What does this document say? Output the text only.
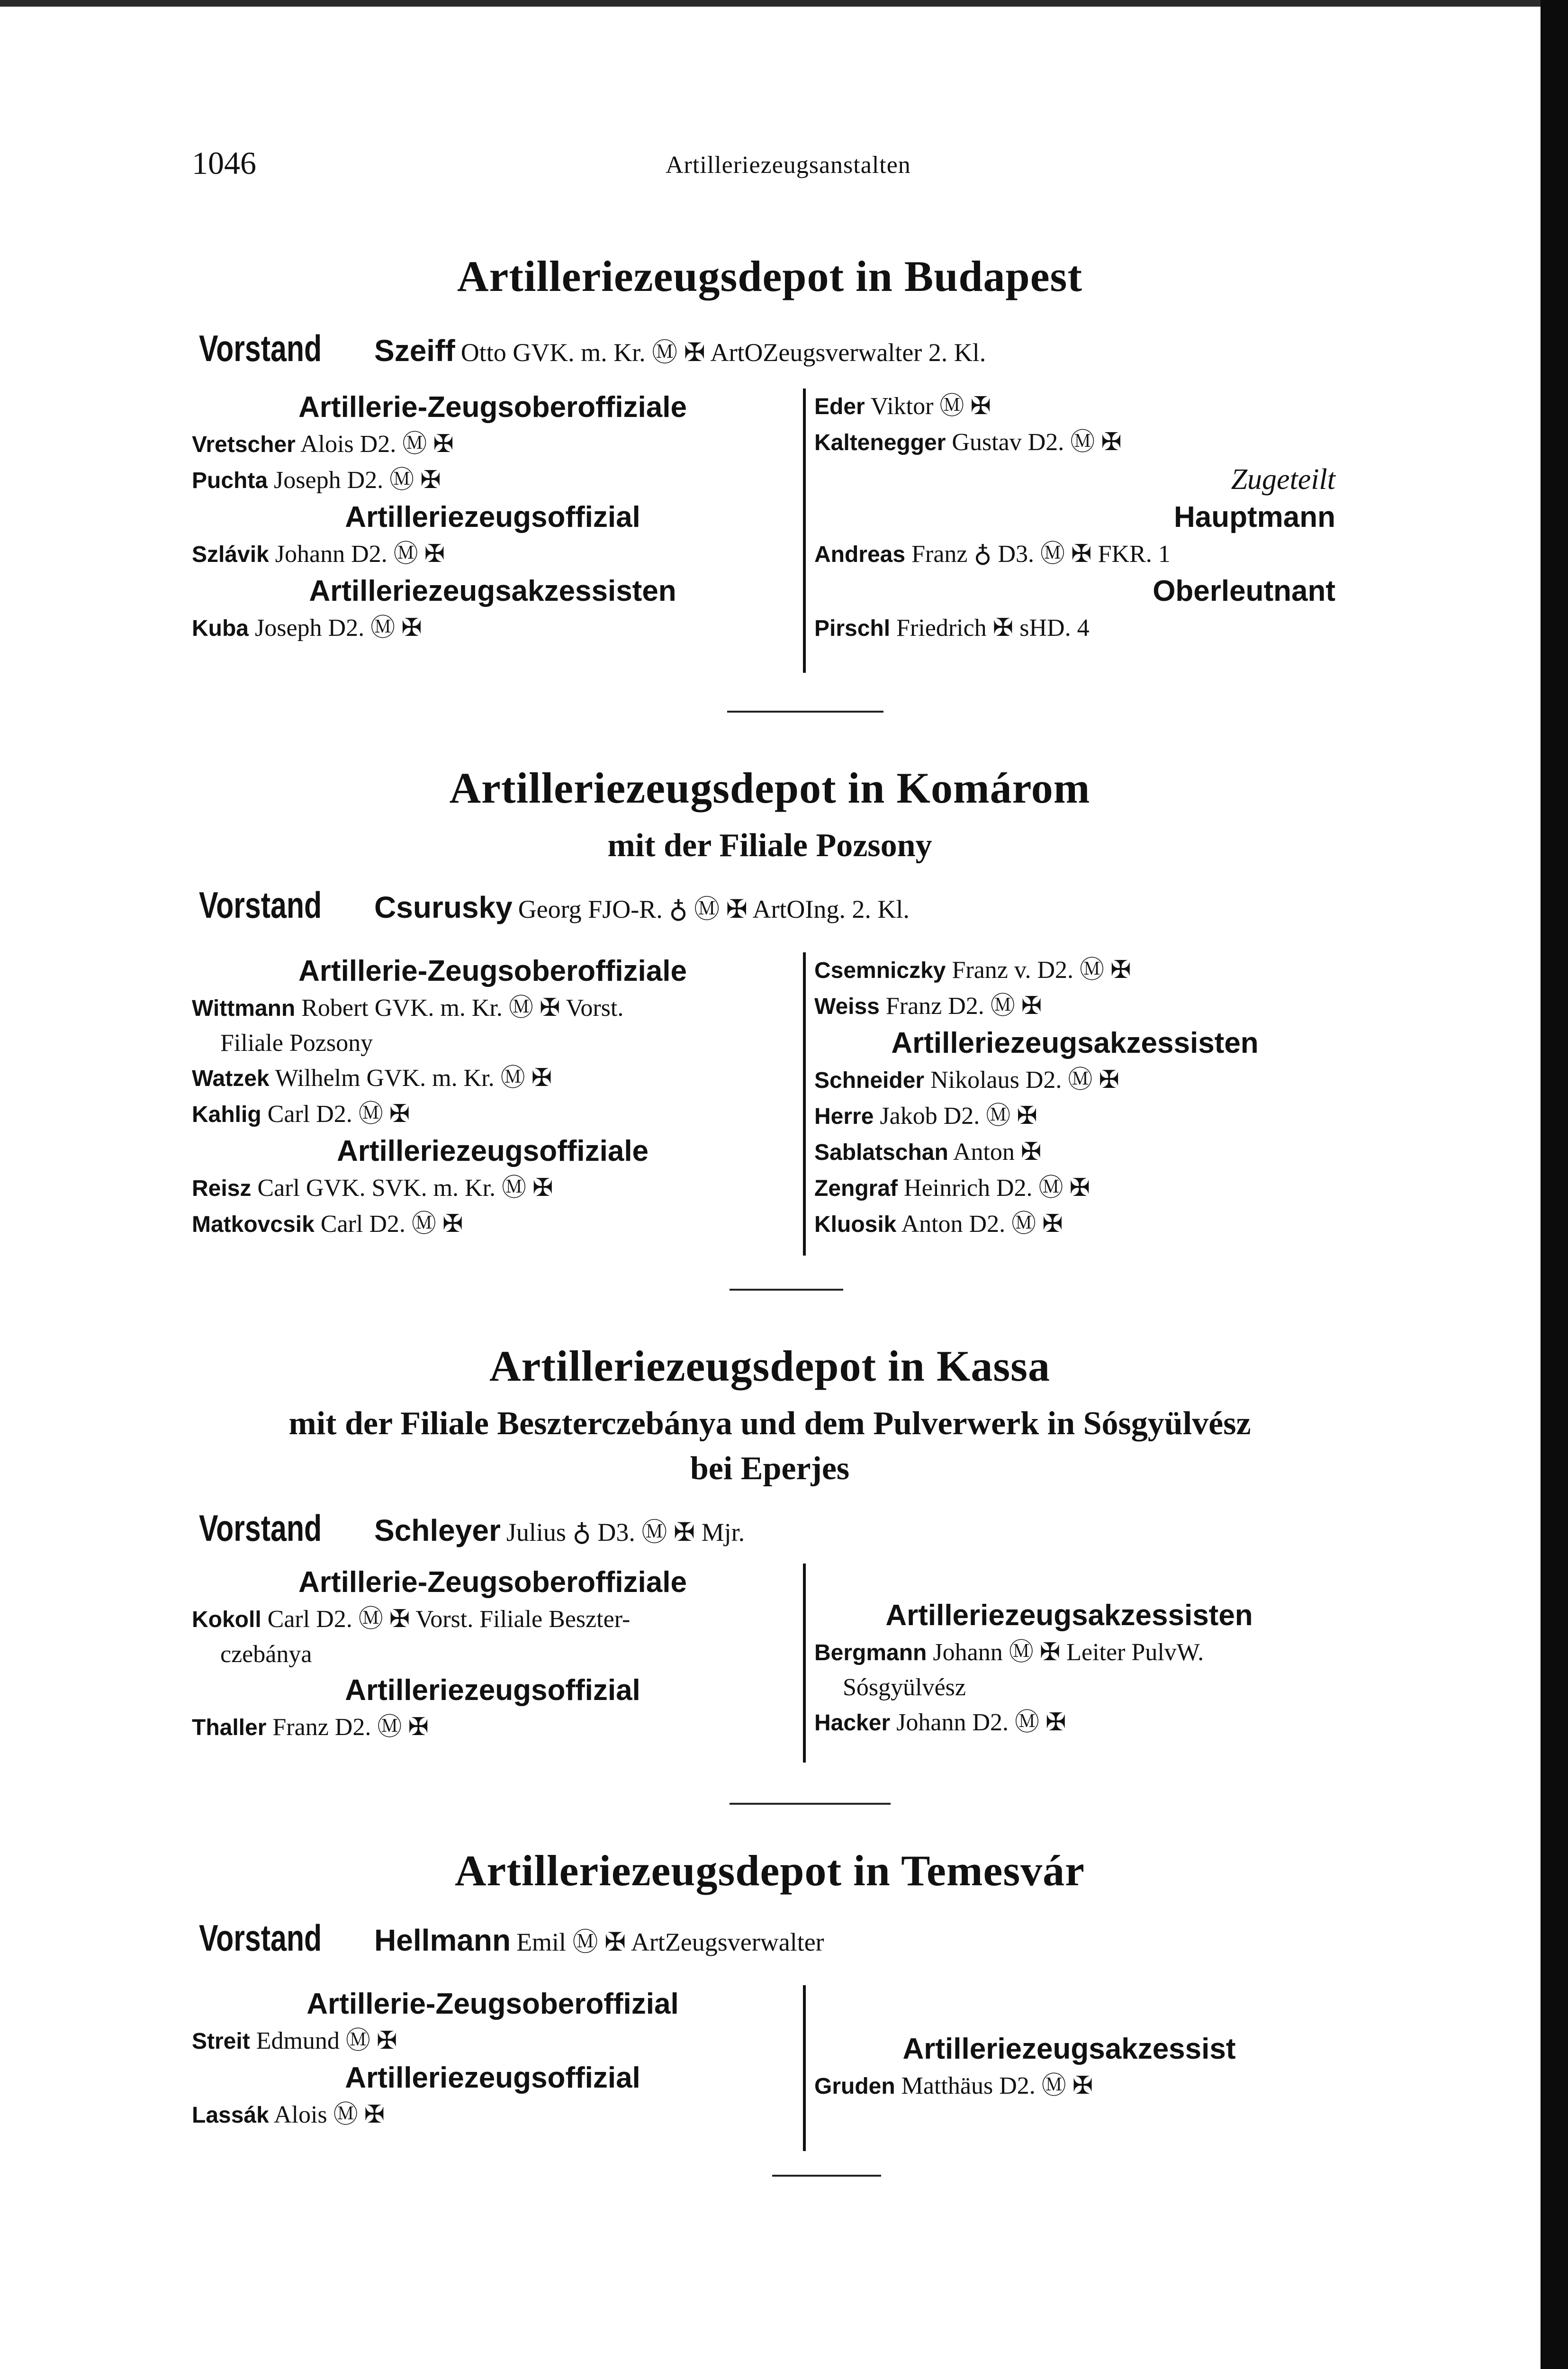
1046	Artilleriezeugsanstalten
Artilleriezeugsdepot in Budapest
Vorstand Szeiff Otto GVK. m. Kr. Ⓜ ✠ ArtOZeugsverwalter 2. Kl.
Artillerie-Zeugsoberoffiziale
Vretscher Alois D2. Ⓜ ✠
Puchta Joseph D2. Ⓜ ✠
Artilleriezeugsoffizial
Szlávik Johann D2. Ⓜ ✠
Artilleriezeugsakzessisten
Kuba Joseph D2. Ⓜ ✠
Eder Viktor Ⓜ ✠
Kaltenegger Gustav D2. Ⓜ ✠
Zugeteilt
Hauptmann
Andreas Franz ♁ D3. Ⓜ ✠ FKR. 1
Oberleutnant
Pirschl Friedrich ✠ sHD. 4
Artilleriezeugsdepot in Komárom
mit der Filiale Pozsony
Vorstand Csurusky Georg FJO-R. ♁ Ⓜ ✠ ArtOIng. 2. Kl.
Artillerie-Zeugsoberoffiziale
Wittmann Robert GVK. m. Kr. Ⓜ ✠ Vorst.
Filiale Pozsony
Watzek Wilhelm GVK. m. Kr. Ⓜ ✠
Kahlig Carl D2. Ⓜ ✠
Artilleriezeugsoffiziale
Reisz Carl GVK. SVK. m. Kr. Ⓜ ✠
Matkovcsik Carl D2. Ⓜ ✠
Csemniczky Franz v. D2. Ⓜ ✠
Weiss Franz D2. Ⓜ ✠
Artilleriezeugsakzessisten
Schneider Nikolaus D2. Ⓜ ✠
Herre Jakob D2. Ⓜ ✠
Sablatschan Anton ✠
Zengraf Heinrich D2. Ⓜ ✠
Kluosik Anton D2. Ⓜ ✠
Artilleriezeugsdepot in Kassa
mit der Filiale Beszterczebánya und dem Pulverwerk in Sósgyülvész
bei Eperjes
Vorstand Schleyer Julius ♁ D3. Ⓜ ✠ Mjr.
Artillerie-Zeugsoberoffiziale
Kokoll Carl D2. Ⓜ ✠ Vorst. Filiale Beszter-
czebánya
Artilleriezeugsoffizial
Thaller Franz D2. Ⓜ ✠
Artilleriezeugsakzessisten
Bergmann Johann Ⓜ ✠ Leiter PulvW.
Sósgyülvész
Hacker Johann D2. Ⓜ ✠
Artilleriezeugsdepot in Temesvár
Vorstand Hellmann Emil Ⓜ ✠ ArtZeugsverwalter
Artillerie-Zeugsoberoffizial
Streit Edmund Ⓜ ✠
Artilleriezeugsoffizial
Lassák Alois Ⓜ ✠
Artilleriezeugsakzessist
Gruden Matthäus D2. Ⓜ ✠
